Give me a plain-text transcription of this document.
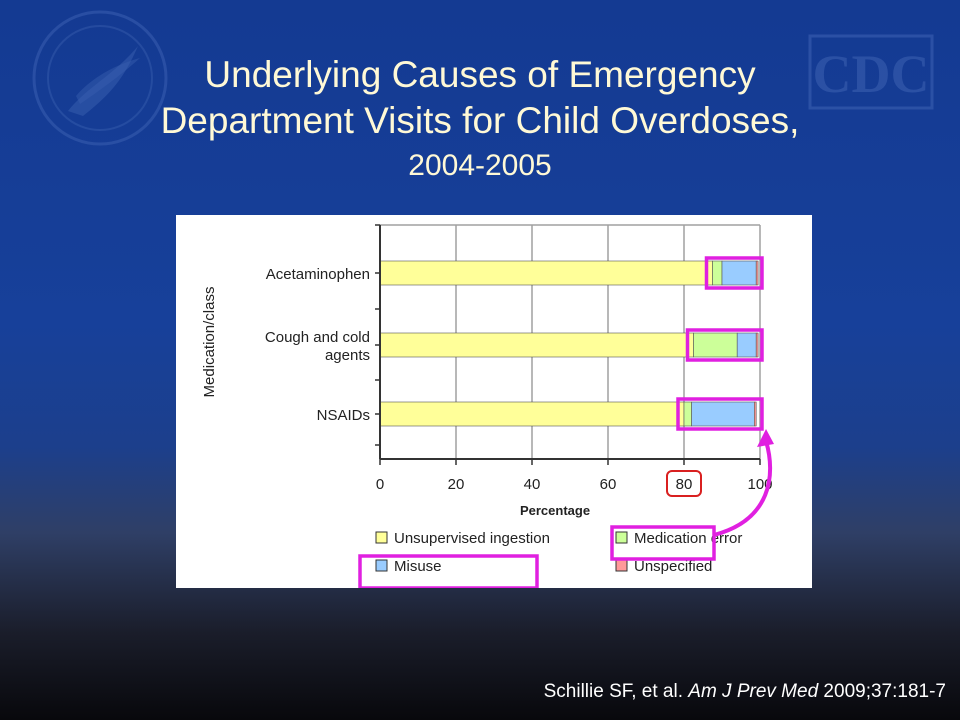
CDC
Underlying Causes of Emergency
Department Visits for Child Overdoses,
2004-2005
Acetaminophen
Cough and cold
agents
NSAIDs
0	20	40	60	80	100
Percentage
Medication/class
Unsupervised ingestion
Misuse
Medication error
Unspecified
Schillie SF, et al. Am J Prev Med 2009;37:181-7
